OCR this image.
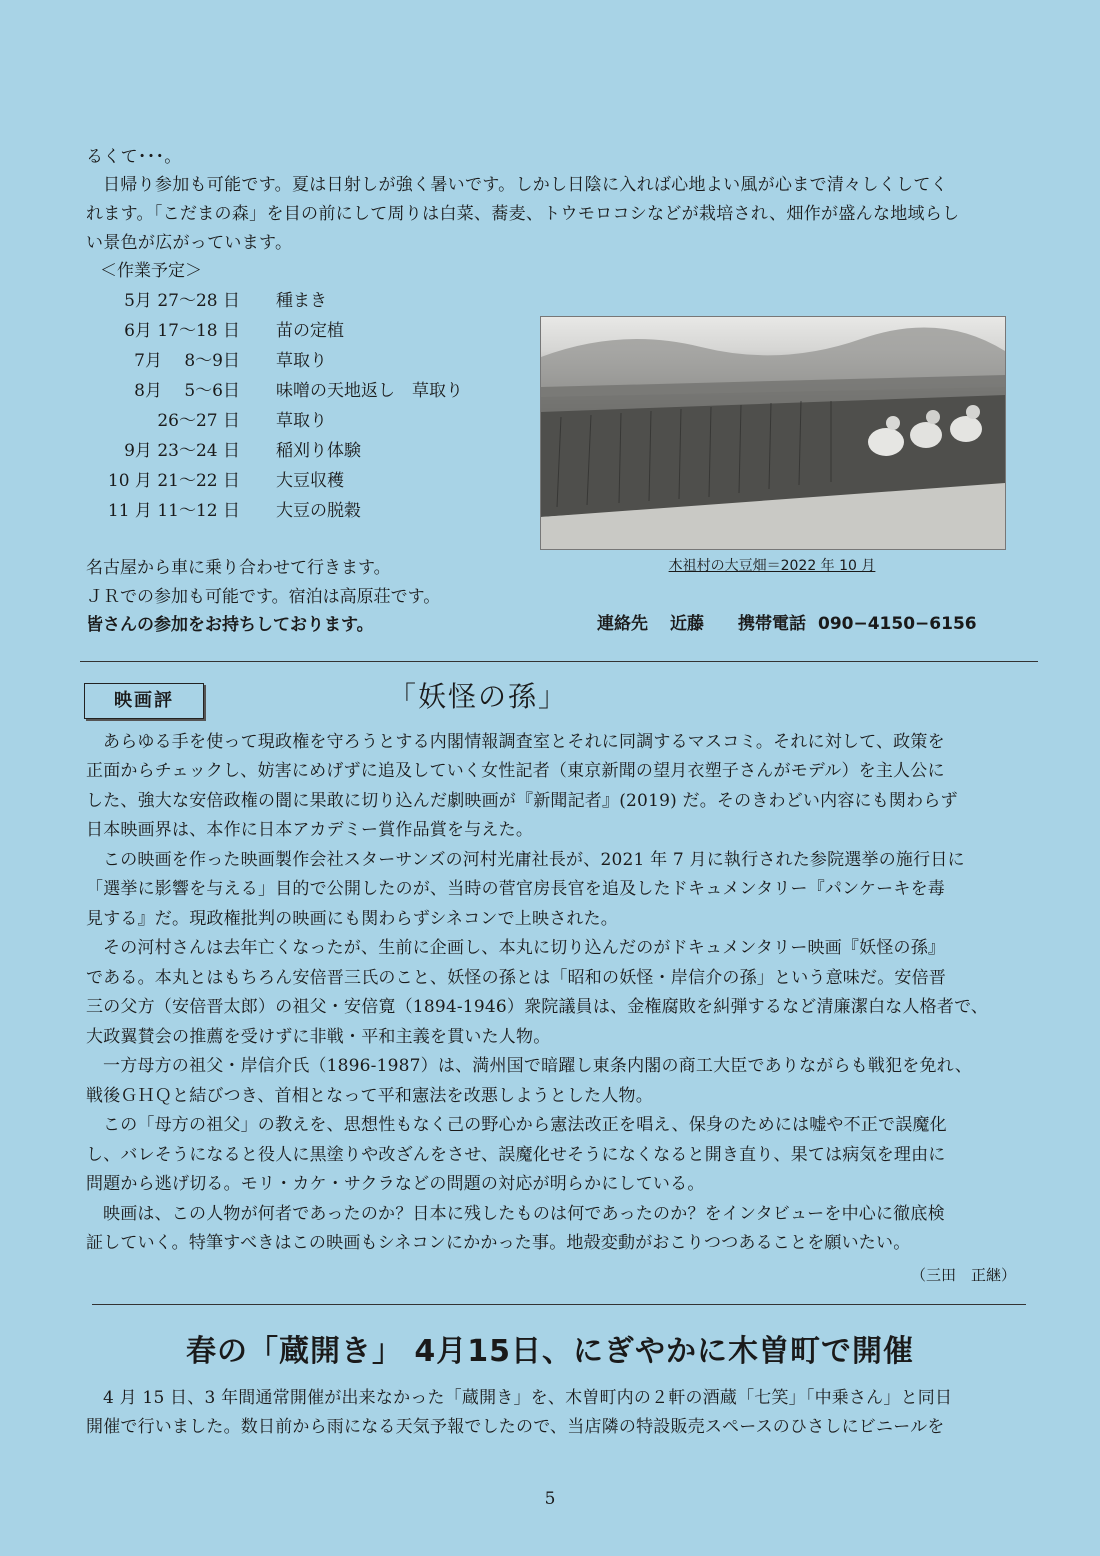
るくて･･･。

日帰り参加も可能です。夏は日射しが強く暑いです。しかし日陰に入れば心地よい風が心まで清々しくしてく

れます。「こだまの森」を目の前にして周りは白菜、蕎麦、トウモロコシなどが栽培され、畑作が盛んな地域らし

い景色が広がっています。

＜作業予定＞
5月 27〜28 日 種まき
6月 17〜18 日 苗の定植
7月　 8〜9日 草取り
8月　 5〜6日 味噌の天地返し　草取り
26〜27 日 草取り
9月 23〜24 日 稲刈り体験
10 月 21〜22 日 大豆収穫
11 月 11〜12 日 大豆の脱穀
木祖村の大豆畑＝2022 年 10 月

名古屋から車に乗り合わせて行きます。

ＪＲでの参加も可能です。宿泊は高原荘です。

皆さんの参加をお持ちしております。	連絡先 近藤 携帯電話 090−4150−6156
映画評	「妖怪の孫」

あらゆる手を使って現政権を守ろうとする内閣情報調査室とそれに同調するマスコミ。それに対して、政策を

正面からチェックし、妨害にめげずに追及していく女性記者（東京新聞の望月衣塑子さんがモデル）を主人公に

した、強大な安倍政権の闇に果敢に切り込んだ劇映画が『新聞記者』(2019) だ。そのきわどい内容にも関わらず

日本映画界は、本作に日本アカデミー賞作品賞を与えた。

この映画を作った映画製作会社スターサンズの河村光庸社長が、2021 年 7 月に執行された参院選挙の施行日に

「選挙に影響を与える」目的で公開したのが、当時の菅官房長官を追及したドキュメンタリー『パンケーキを毒

見する』だ。現政権批判の映画にも関わらずシネコンで上映された。

その河村さんは去年亡くなったが、生前に企画し、本丸に切り込んだのがドキュメンタリー映画『妖怪の孫』

である。本丸とはもちろん安倍晋三氏のこと、妖怪の孫とは「昭和の妖怪・岸信介の孫」という意味だ。安倍晋

三の父方（安倍晋太郎）の祖父・安倍寛（1894-1946）衆院議員は、金権腐敗を糾弾するなど清廉潔白な人格者で、

大政翼賛会の推薦を受けずに非戦・平和主義を貫いた人物。

一方母方の祖父・岸信介氏（1896-1987）は、満州国で暗躍し東条内閣の商工大臣でありながらも戦犯を免れ、

戦後ＧＨＱと結びつき、首相となって平和憲法を改悪しようとした人物。

この「母方の祖父」の教えを、思想性もなく己の野心から憲法改正を唱え、保身のためには嘘や不正で誤魔化

し、バレそうになると役人に黒塗りや改ざんをさせ、誤魔化せそうになくなると開き直り、果ては病気を理由に

問題から逃げ切る。モリ・カケ・サクラなどの問題の対応が明らかにしている。

映画は、この人物が何者であったのか？日本に残したものは何であったのか？をインタビューを中心に徹底検

証していく。特筆すべきはこの映画もシネコンにかかった事。地殻変動がおこりつつあることを願いたい。

（三田　正継）

春の「蔵開き」 4月15日、にぎやかに木曽町で開催

4 月 15 日、3 年間通常開催が出来なかった「蔵開き」を、木曽町内の２軒の酒蔵「七笑」「中乗さん」と同日

開催で行いました。数日前から雨になる天気予報でしたので、当店隣の特設販売スペースのひさしにビニールを

5
